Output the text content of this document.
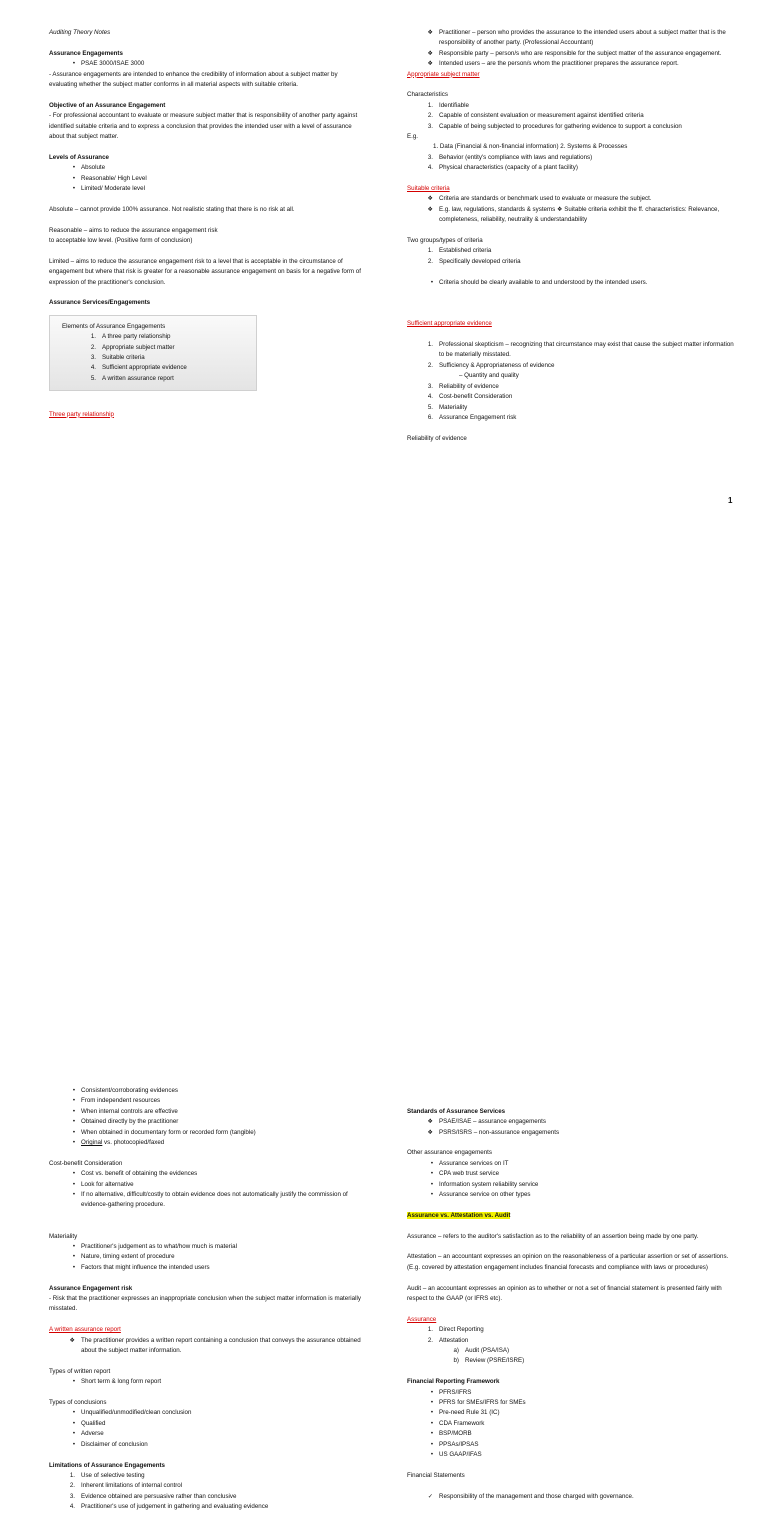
Auditing Theory Notes
Assurance Engagements
• PSAE 3000/ISAE 3000
- Assurance engagements are intended to enhance the credibility of information about a subject matter by evaluating whether the subject matter conforms in all material aspects with suitable criteria.
Objective of an Assurance Engagement
- For professional accountant to evaluate or measure subject matter that is responsibility of another party against identified suitable criteria and to express a conclusion that provides the intended user with a level of assurance about that subject matter.
Levels of Assurance
• Absolute
• Reasonable/ High Level
• Limited/ Moderate level
Absolute – cannot provide 100% assurance. Not realistic stating that there is no risk at all.
Reasonable – aims to reduce the assurance engagement risk
to acceptable low level. (Positive form of conclusion)
Limited – aims to reduce the assurance engagement risk to a level that is acceptable in the circumstance of engagement but where that risk is greater for a reasonable assurance engagement on basis for a negative form of expression of the practitioner's conclusion.
Assurance Services/Engagements
Elements of Assurance Engagements
1. A three party relationship
2. Appropriate subject matter
3. Suitable criteria
4. Sufficient appropriate evidence
5. A written assurance report
Three party relationship
❖ Practitioner – person who provides the assurance to the intended users about a subject matter that is the responsibility of another party. (Professional Accountant)
❖ Responsible party – person/s who are responsible for the subject matter of the assurance engagement.
❖ Intended users – are the person/s whom the practitioner prepares the assurance report.
Appropriate subject matter
Characteristics
1. Identifiable
2. Capable of consistent evaluation or measurement against identified criteria
3. Capable of being subjected to procedures for gathering evidence to support a conclusion
E.g.
1. Data (Financial & non-financial information) 2. Systems & Processes
3. Behavior (entity's compliance with laws and regulations)
4. Physical characteristics (capacity of a plant facility)
Suitable criteria
❖ Criteria are standards or benchmark used to evaluate or measure the subject.
❖ E.g. law, regulations, standards & systems ❖ Suitable criteria exhibit the ff. characteristics: Relevance, completeness, reliability, neutrality & understandability
Two groups/types of criteria
1. Established criteria
2. Specifically developed criteria
• Criteria should be clearly available to and understood by the intended users.
Sufficient appropriate evidence
1. Professional skepticism – recognizing that circumstance may exist that cause the subject matter information to be materially misstated.
2. Sufficiency & Appropriateness of evidence
– Quantity and quality
3. Reliability of evidence
4. Cost-benefit Consideration
5. Materiality
6. Assurance Engagement risk
Reliability of evidence
1
• Consistent/corroborating evidences
• From independent resources
• When internal controls are effective
• Obtained directly by the practitioner
• When obtained in documentary form or recorded form (tangible)
• Original vs. photocopied/faxed
Cost-benefit Consideration
• Cost vs. benefit of obtaining the evidences
• Look for alternative
• If no alternative, difficult/costly to obtain evidence does not automatically justify the commission of evidence-gathering procedure.
Materiality
• Practitioner's judgement as to what/how much is material
• Nature, timing extent of procedure
• Factors that might influence the intended users
Assurance Engagement risk
- Risk that the practitioner expresses an inappropriate conclusion when the subject matter information is materially misstated.
A written assurance report
❖ The practitioner provides a written report containing a conclusion that conveys the assurance obtained about the subject matter information.
Types of written report
• Short term & long form report
Types of conclusions
• Unqualified/unmodified/clean conclusion
• Qualified
• Adverse
• Disclaimer of conclusion
Limitations of Assurance Engagements
1. Use of selective testing
2. Inherent limitations of internal control
3. Evidence obtained are persuasive rather than conclusive
4. Practitioner's use of judgement in gathering and evaluating evidence
Standards of Assurance Services
❖ PSAE/ISAE – assurance engagements
❖ PSRS/ISRS – non-assurance engagements
Other assurance engagements
• Assurance services on IT
• CPA web trust service
• Information system reliability service
• Assurance service on other types
Assurance vs. Attestation vs. Audit
Assurance – refers to the auditor's satisfaction as to the reliability of an assertion being made by one party.
Attestation – an accountant expresses an opinion on the reasonableness of a particular assertion or set of assertions. (E.g. covered by attestation engagement includes financial forecasts and compliance with laws or procedures)
Audit – an accountant expresses an opinion as to whether or not a set of financial statement is presented fairly with respect to the GAAP (or IFRS etc).
Assurance
1. Direct Reporting
2. Attestation
a) Audit (PSA/ISA)
b) Review (PSRE/ISRE)
Financial Reporting Framework
• PFRS/IFRS
• PFRS for SMEs/IFRS for SMEs
• Pre-need Rule 31 (IC)
• CDA Framework
• BSP/MORB
• PPSAs/IPSAS
• US GAAP/IFAS
Financial Statements
✓ Responsibility of the management and those charged with governance.
